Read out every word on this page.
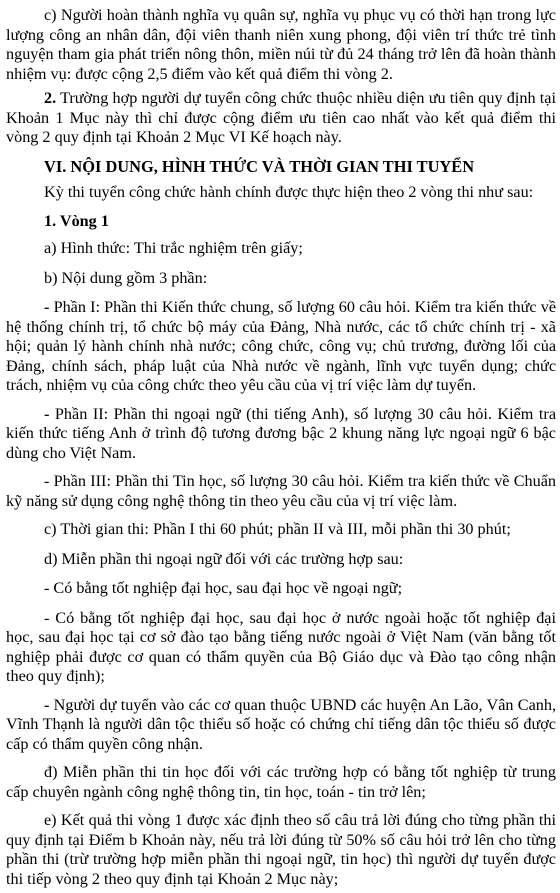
c) Người hoàn thành nghĩa vụ quân sự, nghĩa vụ phục vụ có thời hạn trong lực lượng công an nhân dân, đội viên thanh niên xung phong, đội viên trí thức trẻ tình nguyện tham gia phát triển nông thôn, miền núi từ đủ 24 tháng trở lên đã hoàn thành nhiệm vụ: được cộng 2,5 điểm vào kết quả điểm thi vòng 2.

2. Trường hợp người dự tuyển công chức thuộc nhiều diện ưu tiên quy định tại Khoản 1 Mục này thì chỉ được cộng điểm ưu tiên cao nhất vào kết quả điểm thi vòng 2 quy định tại Khoản 2 Mục VI Kế hoạch này.

VI. NỘI DUNG, HÌNH THỨC VÀ THỜI GIAN THI TUYỂN

Kỳ thi tuyển công chức hành chính được thực hiện theo 2 vòng thi như sau:

1. Vòng 1

a) Hình thức: Thi trắc nghiệm trên giấy;

b) Nội dung gồm 3 phần:

- Phần I: Phần thi Kiến thức chung, số lượng 60 câu hỏi. Kiểm tra kiến thức về hệ thống chính trị, tổ chức bộ máy của Đảng, Nhà nước, các tổ chức chính trị - xã hội; quản lý hành chính nhà nước; công chức, công vụ; chủ trương, đường lối của Đảng, chính sách, pháp luật của Nhà nước về ngành, lĩnh vực tuyển dụng; chức trách, nhiệm vụ của công chức theo yêu cầu của vị trí việc làm dự tuyển.

- Phần II: Phần thi ngoại ngữ (thi tiếng Anh), số lượng 30 câu hỏi. Kiểm tra kiến thức tiếng Anh ở trình độ tương đương bậc 2 khung năng lực ngoại ngữ 6 bậc dùng cho Việt Nam.

- Phần III: Phần thi Tin học, số lượng 30 câu hỏi. Kiểm tra kiến thức về Chuẩn kỹ năng sử dụng công nghệ thông tin theo yêu cầu của vị trí việc làm.

c) Thời gian thi: Phần I thi 60 phút; phần II và III, mỗi phần thi 30 phút;

d) Miễn phần thi ngoại ngữ đối với các trường hợp sau:

- Có bằng tốt nghiệp đại học, sau đại học về ngoại ngữ;

- Có bằng tốt nghiệp đại học, sau đại học ở nước ngoài hoặc tốt nghiệp đại học, sau đại học tại cơ sở đào tạo bằng tiếng nước ngoài ở Việt Nam (văn bằng tốt nghiệp phải được cơ quan có thẩm quyền của Bộ Giáo dục và Đào tạo công nhận theo quy định);

- Người dự tuyển vào các cơ quan thuộc UBND các huyện An Lão, Vân Canh, Vĩnh Thạnh là người dân tộc thiểu số hoặc có chứng chỉ tiếng dân tộc thiểu số được cấp có thẩm quyền công nhận.

đ) Miễn phần thi tin học đối với các trường hợp có bằng tốt nghiệp từ trung cấp chuyên ngành công nghệ thông tin, tin học, toán - tin trở lên;

e) Kết quả thi vòng 1 được xác định theo số câu trả lời đúng cho từng phần thi quy định tại Điểm b Khoản này, nếu trả lời đúng từ 50% số câu hỏi trở lên cho từng phần thi (trừ trường hợp miễn phần thi ngoại ngữ, tin học) thì người dự tuyển được thi tiếp vòng 2 theo quy định tại Khoản 2 Mục này;
